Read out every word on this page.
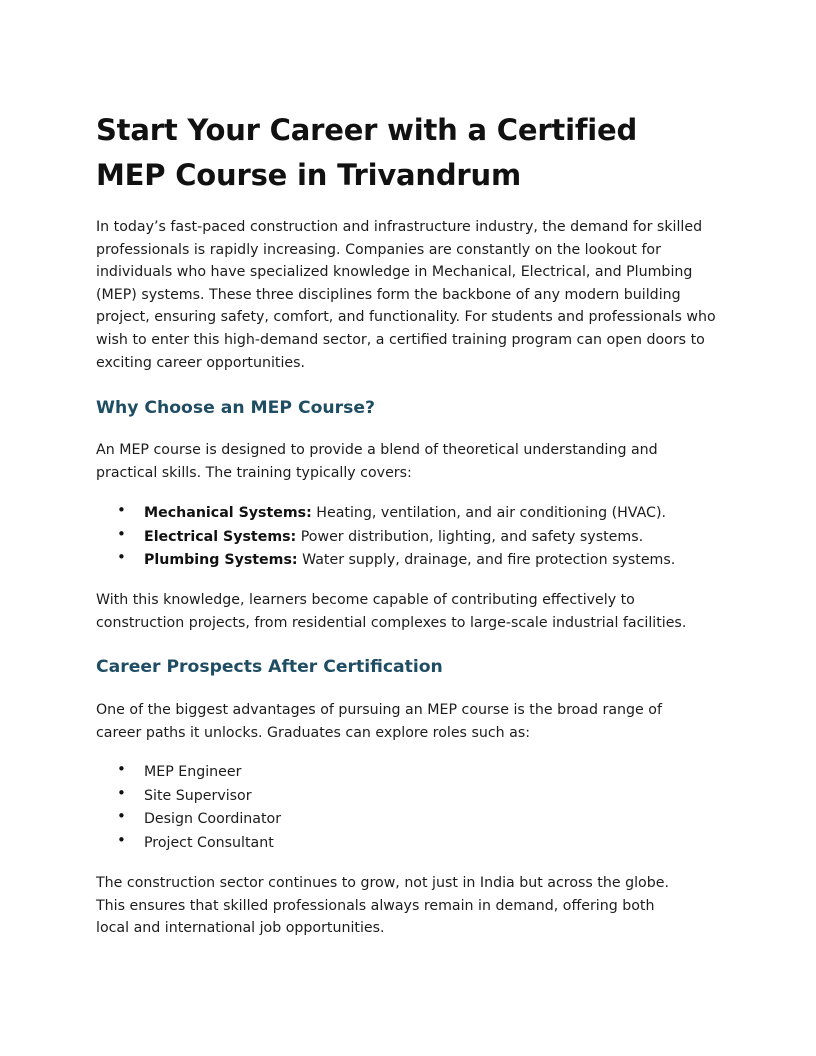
Start Your Career with a Certified
MEP Course in Trivandrum

In today’s fast-paced construction and infrastructure industry, the demand for skilled
professionals is rapidly increasing. Companies are constantly on the lookout for
individuals who have specialized knowledge in Mechanical, Electrical, and Plumbing
(MEP) systems. These three disciplines form the backbone of any modern building
project, ensuring safety, comfort, and functionality. For students and professionals who
wish to enter this high-demand sector, a certified training program can open doors to
exciting career opportunities.

Why Choose an MEP Course?

An MEP course is designed to provide a blend of theoretical understanding and
practical skills. The training typically covers:

• Mechanical Systems: Heating, ventilation, and air conditioning (HVAC).
• Electrical Systems: Power distribution, lighting, and safety systems.
• Plumbing Systems: Water supply, drainage, and fire protection systems.

With this knowledge, learners become capable of contributing effectively to
construction projects, from residential complexes to large-scale industrial facilities.

Career Prospects After Certification

One of the biggest advantages of pursuing an MEP course is the broad range of
career paths it unlocks. Graduates can explore roles such as:

• MEP Engineer
• Site Supervisor
• Design Coordinator
• Project Consultant

The construction sector continues to grow, not just in India but across the globe.
This ensures that skilled professionals always remain in demand, offering both
local and international job opportunities.
